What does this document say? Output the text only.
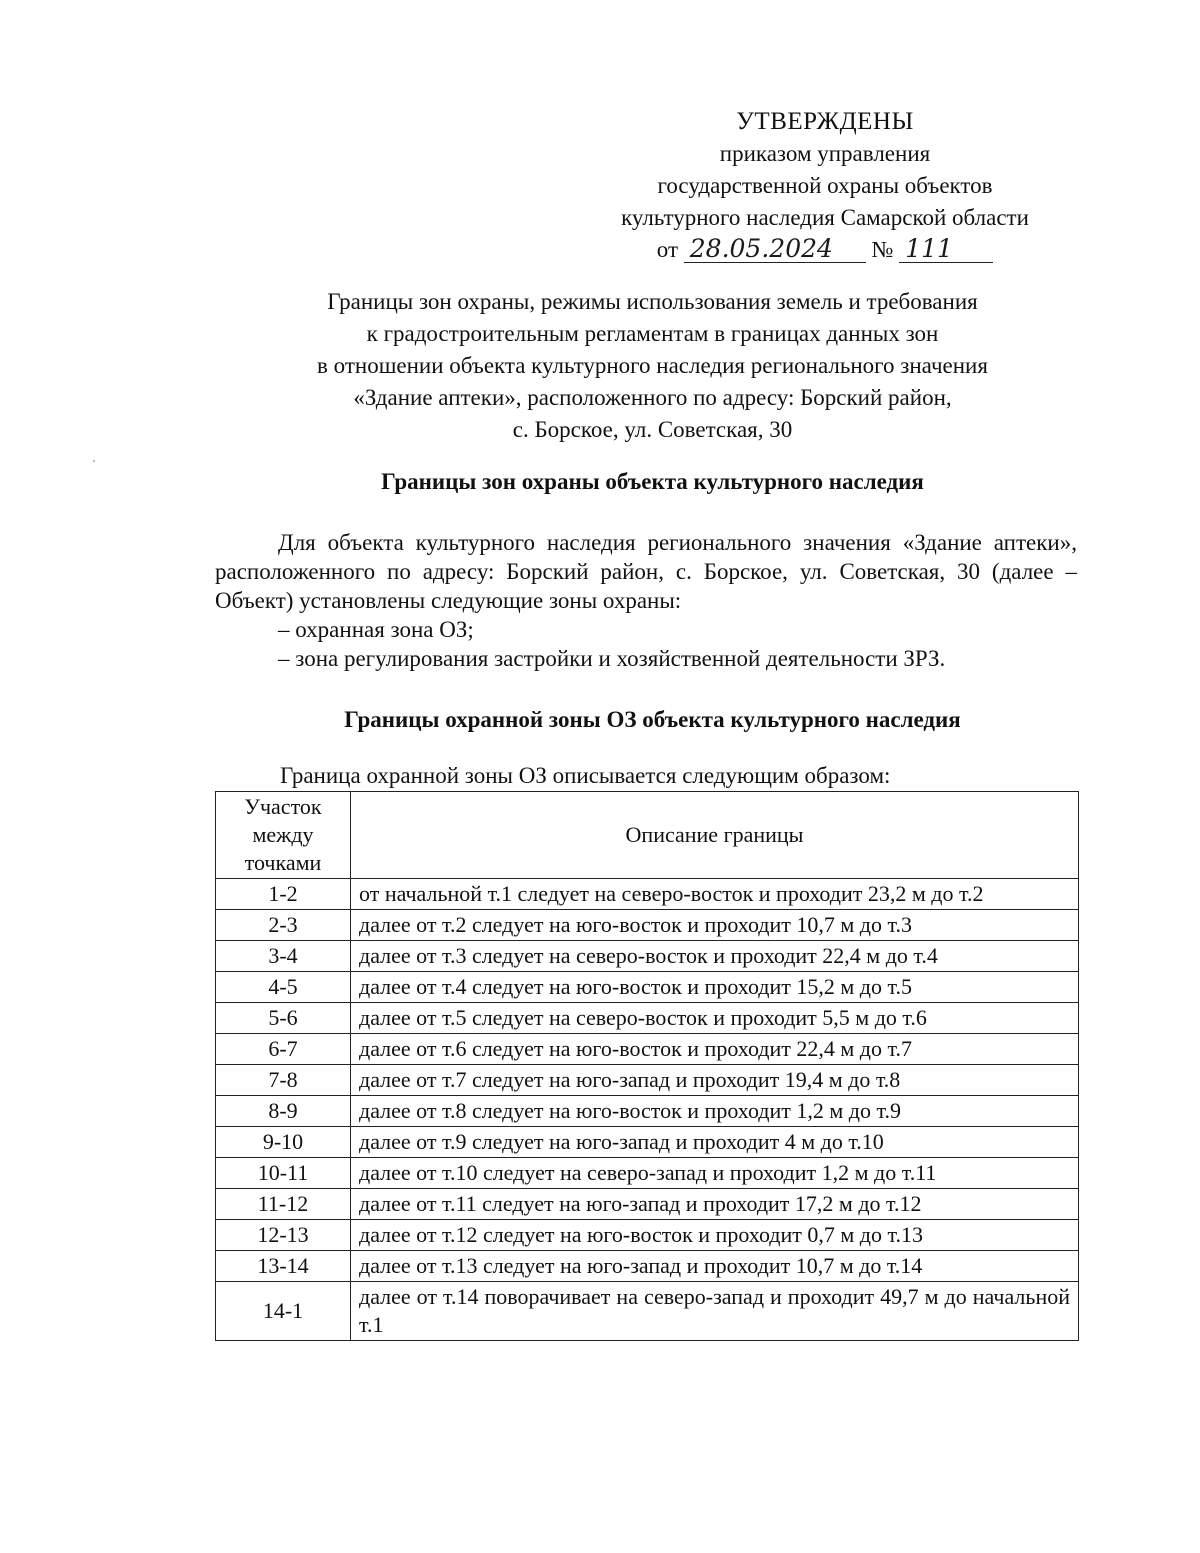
УТВЕРЖДЕНЫ
приказом управления
государственной охраны объектов
культурного наследия Самарской области
от 28.05.2024 № 111
Границы зон охраны, режимы использования земель и требования
к градостроительным регламентам в границах данных зон
в отношении объекта культурного наследия регионального значения
«Здание аптеки», расположенного по адресу: Борский район,
с. Борское, ул. Советская, 30
Границы зон охраны объекта культурного наследия

Для объекта культурного наследия регионального значения «Здание аптеки», расположенного по адресу: Борский район, с. Борское, ул. Советская, 30 (далее – Объект) установлены следующие зоны охраны:

– охранная зона ОЗ;

– зона регулирования застройки и хозяйственной деятельности ЗРЗ.

Границы охранной зоны ОЗ объекта культурного наследия
Граница охранной зоны ОЗ описывается следующим образом:
Участок между точками	Описание границы
1-2	от начальной т.1 следует на северо-восток и проходит 23,2 м до т.2
2-3	далее от т.2 следует на юго-восток и проходит 10,7 м до т.3
3-4	далее от т.3 следует на северо-восток и проходит 22,4 м до т.4
4-5	далее от т.4 следует на юго-восток и проходит 15,2 м до т.5
5-6	далее от т.5 следует на северо-восток и проходит 5,5 м до т.6
6-7	далее от т.6 следует на юго-восток и проходит 22,4 м до т.7
7-8	далее от т.7 следует на юго-запад и проходит 19,4 м до т.8
8-9	далее от т.8 следует на юго-восток и проходит 1,2 м до т.9
9-10	далее от т.9 следует на юго-запад и проходит 4 м до т.10
10-11	далее от т.10 следует на северо-запад и проходит 1,2 м до т.11
11-12	далее от т.11 следует на юго-запад и проходит 17,2 м до т.12
12-13	далее от т.12 следует на юго-восток и проходит 0,7 м до т.13
13-14	далее от т.13 следует на юго-запад и проходит 10,7 м до т.14
14-1	далее от т.14 поворачивает на северо-запад и проходит 49,7 м до начальной т.1
